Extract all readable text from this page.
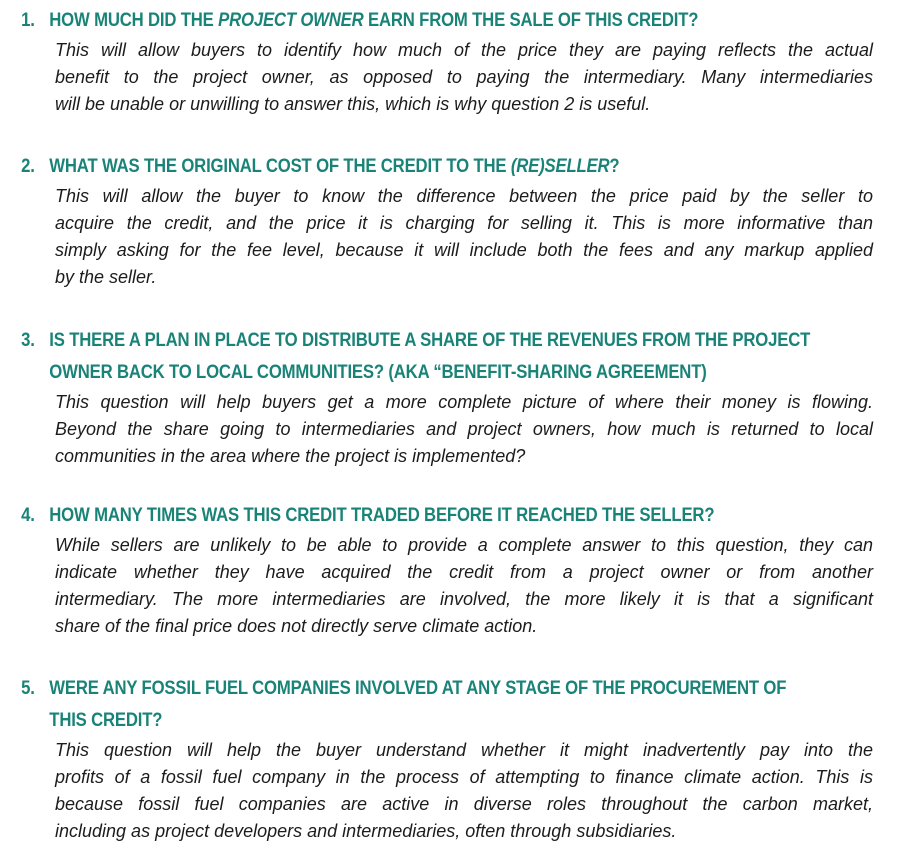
1. HOW MUCH DID THE PROJECT OWNER EARN FROM THE SALE OF THIS CREDIT?

This will allow buyers to identify how much of the price they are paying reflects the actual
benefit to the project owner, as opposed to paying the intermediary. Many intermediaries
will be unable or unwilling to answer this, which is why question 2 is useful.

2. WHAT WAS THE ORIGINAL COST OF THE CREDIT TO THE (RE)SELLER?

This will allow the buyer to know the difference between the price paid by the seller to
acquire the credit, and the price it is charging for selling it. This is more informative than
simply asking for the fee level, because it will include both the fees and any markup applied
by the seller.

3. IS THERE A PLAN IN PLACE TO DISTRIBUTE A SHARE OF THE REVENUES FROM THE PROJECT
OWNER BACK TO LOCAL COMMUNITIES? (AKA “BENEFIT-SHARING AGREEMENT)

This question will help buyers get a more complete picture of where their money is flowing.
Beyond the share going to intermediaries and project owners, how much is returned to local
communities in the area where the project is implemented?

4. HOW MANY TIMES WAS THIS CREDIT TRADED BEFORE IT REACHED THE SELLER?

While sellers are unlikely to be able to provide a complete answer to this question, they can
indicate whether they have acquired the credit from a project owner or from another
intermediary. The more intermediaries are involved, the more likely it is that a significant
share of the final price does not directly serve climate action.

5. WERE ANY FOSSIL FUEL COMPANIES INVOLVED AT ANY STAGE OF THE PROCUREMENT OF
THIS CREDIT?

This question will help the buyer understand whether it might inadvertently pay into the
profits of a fossil fuel company in the process of attempting to finance climate action. This is
because fossil fuel companies are active in diverse roles throughout the carbon market,
including as project developers and intermediaries, often through subsidiaries.
